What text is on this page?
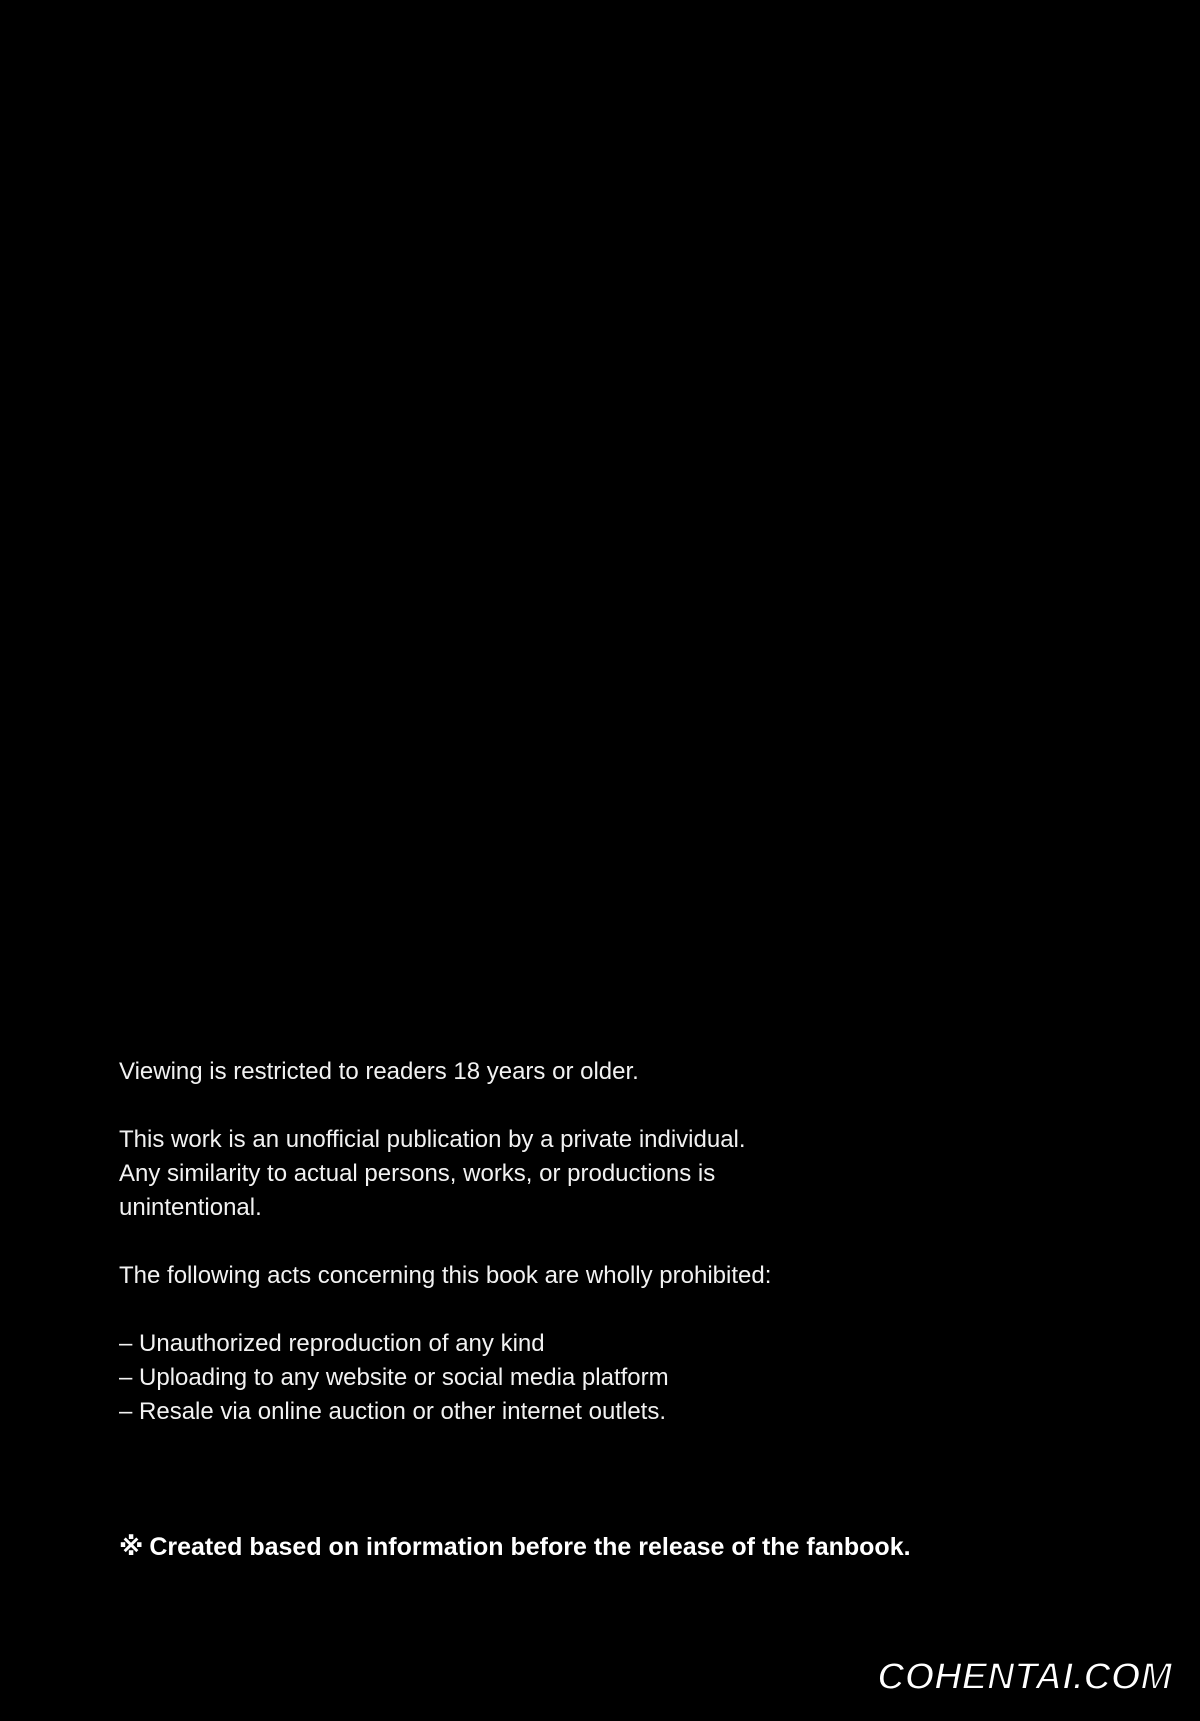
Viewing is restricted to readers 18 years or older.

This work is an unofficial publication by a private individual.

Any similarity to actual persons, works, or productions is

unintentional.

The following acts concerning this book are wholly prohibited:

– Unauthorized reproduction of any kind

– Uploading to any website or social media platform

– Resale via online auction or other internet outlets.

※ Created based on information before the release of the fanbook.

COHENTAI.COM
